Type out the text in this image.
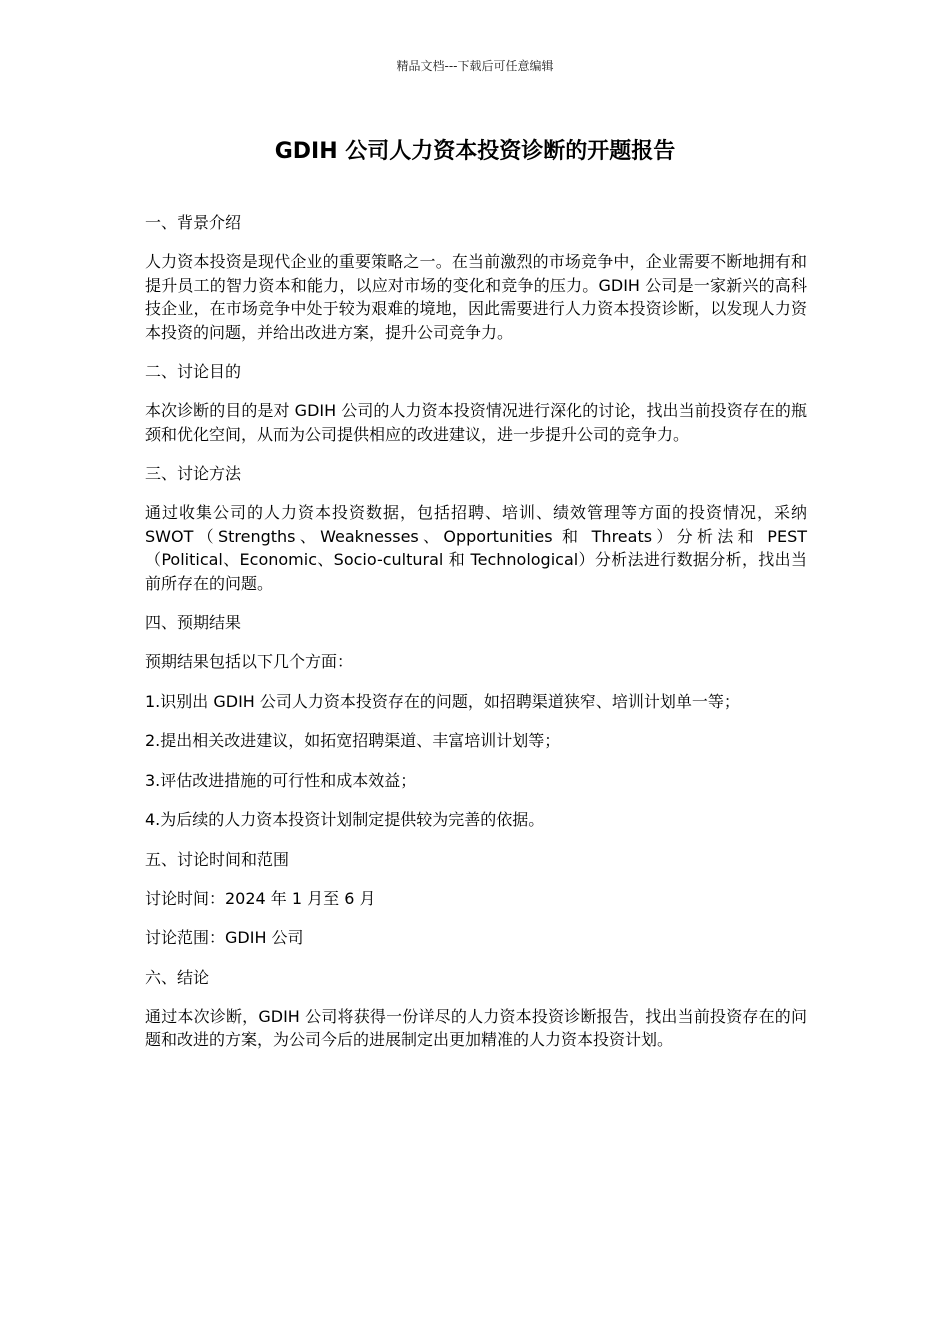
精品文档---下载后可任意编辑
GDIH 公司人力资本投资诊断的开题报告

一、背景介绍

人力资本投资是现代企业的重要策略之一。在当前激烈的市场竞争中，企业需要不断地拥有和提升员工的智力资本和能力，以应对市场的变化和竞争的压力。GDIH 公司是一家新兴的高科技企业，在市场竞争中处于较为艰难的境地，因此需要进行人力资本投资诊断，以发现人力资本投资的问题，并给出改进方案，提升公司竞争力。

二、讨论目的

本次诊断的目的是对 GDIH 公司的人力资本投资情况进行深化的讨论，找出当前投资存在的瓶颈和优化空间，从而为公司提供相应的改进建议，进一步提升公司的竞争力。

三、讨论方法

通过收集公司的人力资本投资数据，包括招聘、培训、绩效管理等方面的投资情况，采纳 SWOT（Strengths、Weaknesses、Opportunities 和 Threats）分析法和 PEST（Political、Economic、Socio-cultural 和 Technological）分析法进行数据分析，找出当前所存在的问题。

四、预期结果

预期结果包括以下几个方面：

1.识别出 GDIH 公司人力资本投资存在的问题，如招聘渠道狭窄、培训计划单一等；

2.提出相关改进建议，如拓宽招聘渠道、丰富培训计划等；

3.评估改进措施的可行性和成本效益；

4.为后续的人力资本投资计划制定提供较为完善的依据。

五、讨论时间和范围

讨论时间：2024 年 1 月至 6 月

讨论范围：GDIH 公司

六、结论

通过本次诊断，GDIH 公司将获得一份详尽的人力资本投资诊断报告，找出当前投资存在的问题和改进的方案，为公司今后的进展制定出更加精准的人力资本投资计划。
